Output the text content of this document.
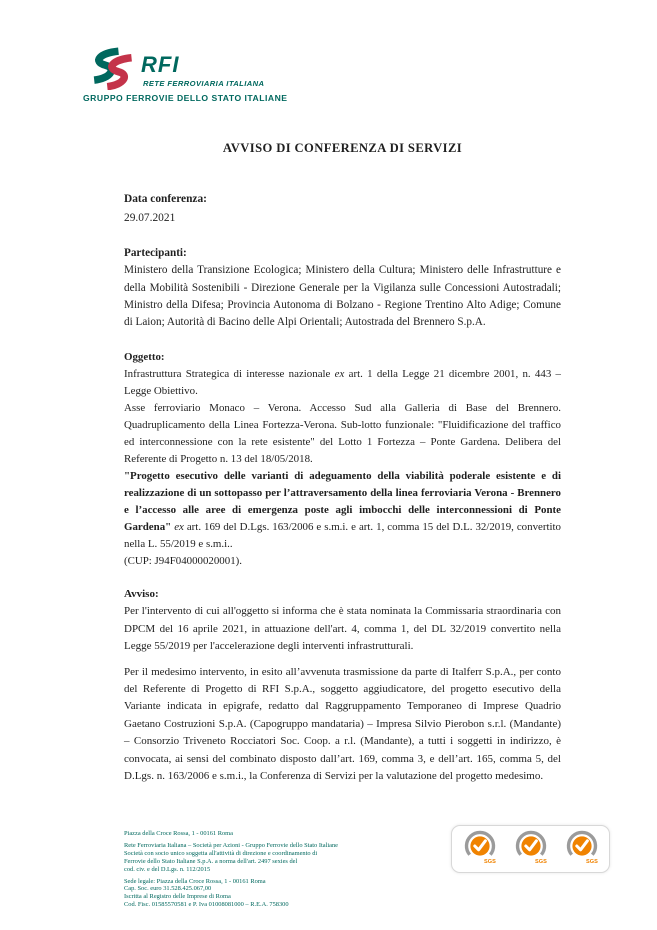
RFI
RETE FERROVIARIA ITALIANA
GRUPPO FERROVIE DELLO STATO ITALIANE
AVVISO DI CONFERENZA DI SERVIZI
Data conferenza:
29.07.2021
Partecipanti:
Ministero della Transizione Ecologica; Ministero della Cultura; Ministero delle Infrastrutture e della Mobilità Sostenibili - Direzione Generale per la Vigilanza sulle Concessioni Autostradali; Ministro della Difesa; Provincia Autonoma di Bolzano - Regione Trentino Alto Adige; Comune di Laion; Autorità di Bacino delle Alpi Orientali; Autostrada del Brennero S.p.A.
Oggetto:
Infrastruttura Strategica di interesse nazionale ex art. 1 della Legge 21 dicembre 2001, n. 443 – Legge Obiettivo.
Asse ferroviario Monaco – Verona. Accesso Sud alla Galleria di Base del Brennero. Quadruplicamento della Linea Fortezza-Verona. Sub-lotto funzionale: "Fluidificazione del traffico ed interconnessione con la rete esistente" del Lotto 1 Fortezza – Ponte Gardena. Delibera del Referente di Progetto n. 13 del 18/05/2018.
"Progetto esecutivo delle varianti di adeguamento della viabilità poderale esistente e di realizzazione di un sottopasso per l’attraversamento della linea ferroviaria Verona - Brennero e l’accesso alle aree di emergenza poste agli imbocchi delle interconnessioni di Ponte Gardena" ex art. 169 del D.Lgs. 163/2006 e s.m.i. e art. 1, comma 15 del D.L. 32/2019, convertito nella L. 55/2019 e s.m.i..
(CUP: J94F04000020001).
Avviso:
Per l'intervento di cui all'oggetto si informa che è stata nominata la Commissaria straordinaria con DPCM del 16 aprile 2021, in attuazione dell'art. 4, comma 1, del DL 32/2019 convertito nella Legge 55/2019 per l'accelerazione degli interventi infrastrutturali.
Per il medesimo intervento, in esito all’avvenuta trasmissione da parte di Italferr S.p.A., per conto del Referente di Progetto di RFI S.p.A., soggetto aggiudicatore, del progetto esecutivo della Variante indicata in epigrafe, redatto dal Raggruppamento Temporaneo di Imprese Quadrio Gaetano Costruzioni S.p.A. (Capogruppo mandataria) – Impresa Silvio Pierobon s.r.l. (Mandante) – Consorzio Triveneto Rocciatori Soc. Coop. a r.l. (Mandante), a tutti i soggetti in indirizzo, è convocata, ai sensi del combinato disposto dall’art. 169, comma 3, e dell’art. 165, comma 5, del D.Lgs. n. 163/2006 e s.m.i., la Conferenza di Servizi per la valutazione del progetto medesimo.
Piazza della Croce Rossa, 1 - 00161 Roma
Rete Ferroviaria Italiana – Società per Azioni - Gruppo Ferrovie dello Stato Italiane
Società con socio unico soggetta all'attività di direzione e coordinamento di
Ferrovie dello Stato Italiane S.p.A. a norma dell'art. 2497 sexies del
cod. civ. e del D.Lgs. n. 112/2015
Sede legale: Piazza della Croce Rossa, 1 - 00161 Roma
Cap. Soc. euro 31.528.425.067,00
Iscritta al Registro delle Imprese di Roma
Cod. Fisc. 01585570581 e P. Iva 01008081000 – R.E.A. 758300
SGS	SGS	SGS
